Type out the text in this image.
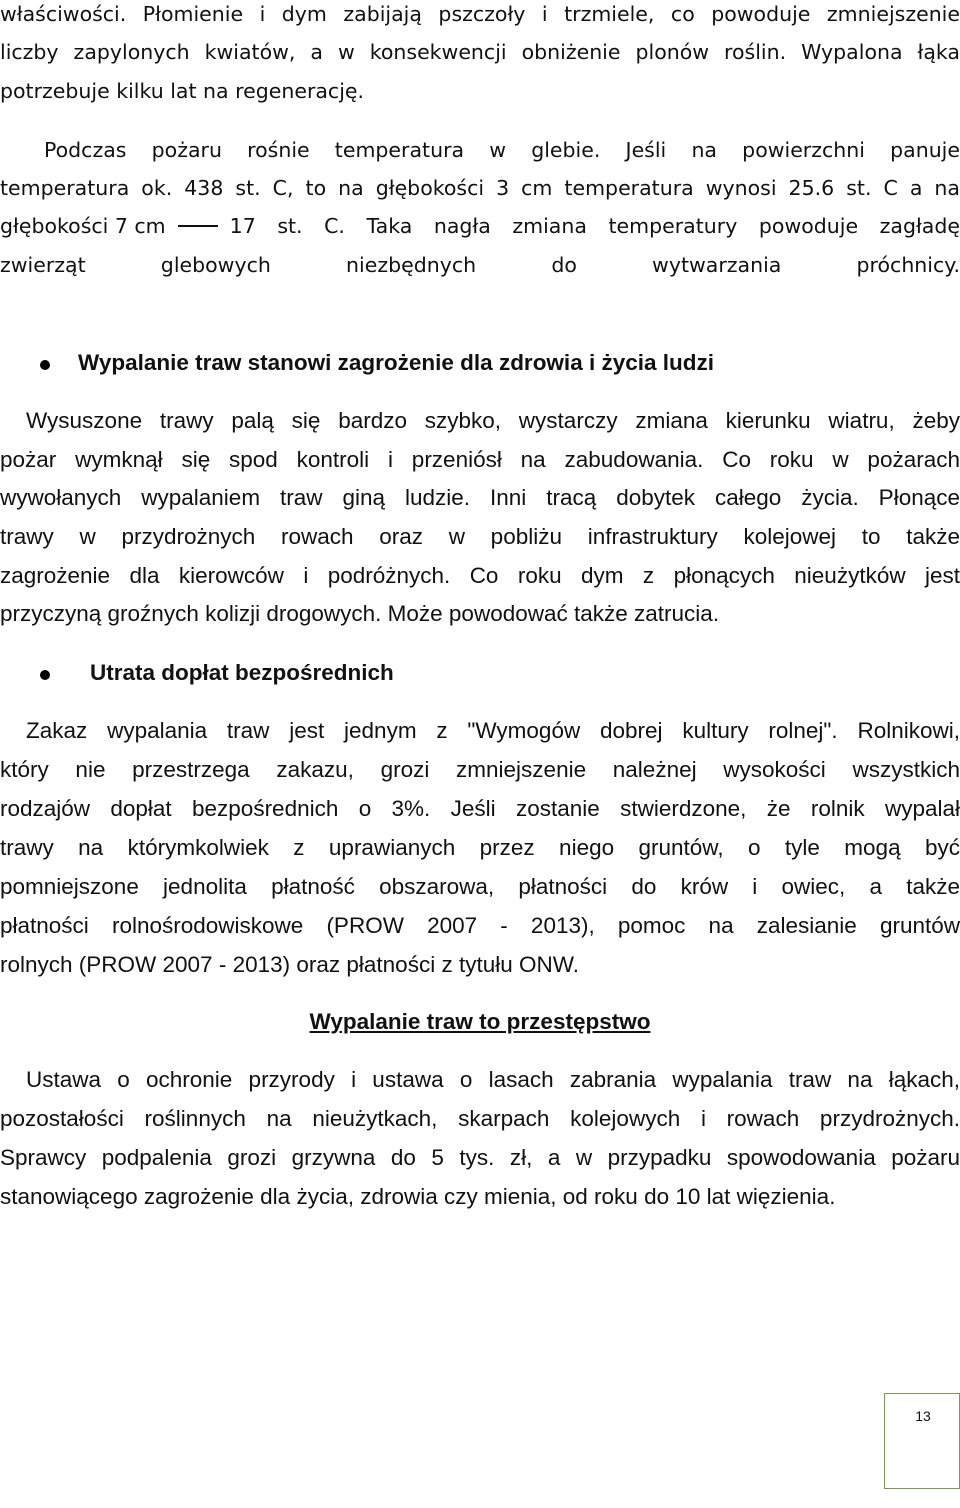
właściwości. Płomienie i dym zabijają pszczoły i trzmiele, co powoduje zmniejszenie

liczby zapylonych kwiatów, a w konsekwencji obniżenie plonów roślin. Wypalona łąka

potrzebuje kilku lat na regenerację.

Podczas pożaru rośnie temperatura w glebie. Jeśli na powierzchni panuje

temperatura ok. 438 st. C, to na głębokości 3 cm temperatura wynosi 25.6 st. C a na

głębokości 7 cm	17 st. C. Taka nagła zmiana temperatury powoduje zagładę

zwierząt glebowych niezbędnych do wytwarzania próchnicy.

Wypalanie traw stanowi zagrożenie dla zdrowia i życia ludzi

Wysuszone trawy palą się bardzo szybko, wystarczy zmiana kierunku wiatru, żeby

pożar wymknął się spod kontroli i przeniósł na zabudowania. Co roku w pożarach

wywołanych wypalaniem traw giną ludzie. Inni tracą dobytek całego życia. Płonące

trawy w przydrożnych rowach oraz w pobliżu infrastruktury kolejowej to także

zagrożenie dla kierowców i podróżnych. Co roku dym z płonących nieużytków jest

przyczyną groźnych kolizji drogowych. Może powodować także zatrucia.

Utrata dopłat bezpośrednich

Zakaz wypalania traw jest jednym z "Wymogów dobrej kultury rolnej". Rolnikowi,

który nie przestrzega zakazu, grozi zmniejszenie należnej wysokości wszystkich

rodzajów dopłat bezpośrednich o 3%. Jeśli zostanie stwierdzone, że rolnik wypalał

trawy na którymkolwiek z uprawianych przez niego gruntów, o tyle mogą być

pomniejszone jednolita płatność obszarowa, płatności do krów i owiec, a także

płatności rolnośrodowiskowe (PROW 2007 - 2013), pomoc na zalesianie gruntów

rolnych (PROW 2007 - 2013) oraz płatności z tytułu ONW.

Wypalanie traw to przestępstwo

Ustawa o ochronie przyrody i ustawa o lasach zabrania wypalania traw na łąkach,

pozostałości roślinnych na nieużytkach, skarpach kolejowych i rowach przydrożnych.

Sprawcy podpalenia grozi grzywna do 5 tys. zł, a w przypadku spowodowania pożaru

stanowiącego zagrożenie dla życia, zdrowia czy mienia, od roku do 10 lat więzienia.

13
